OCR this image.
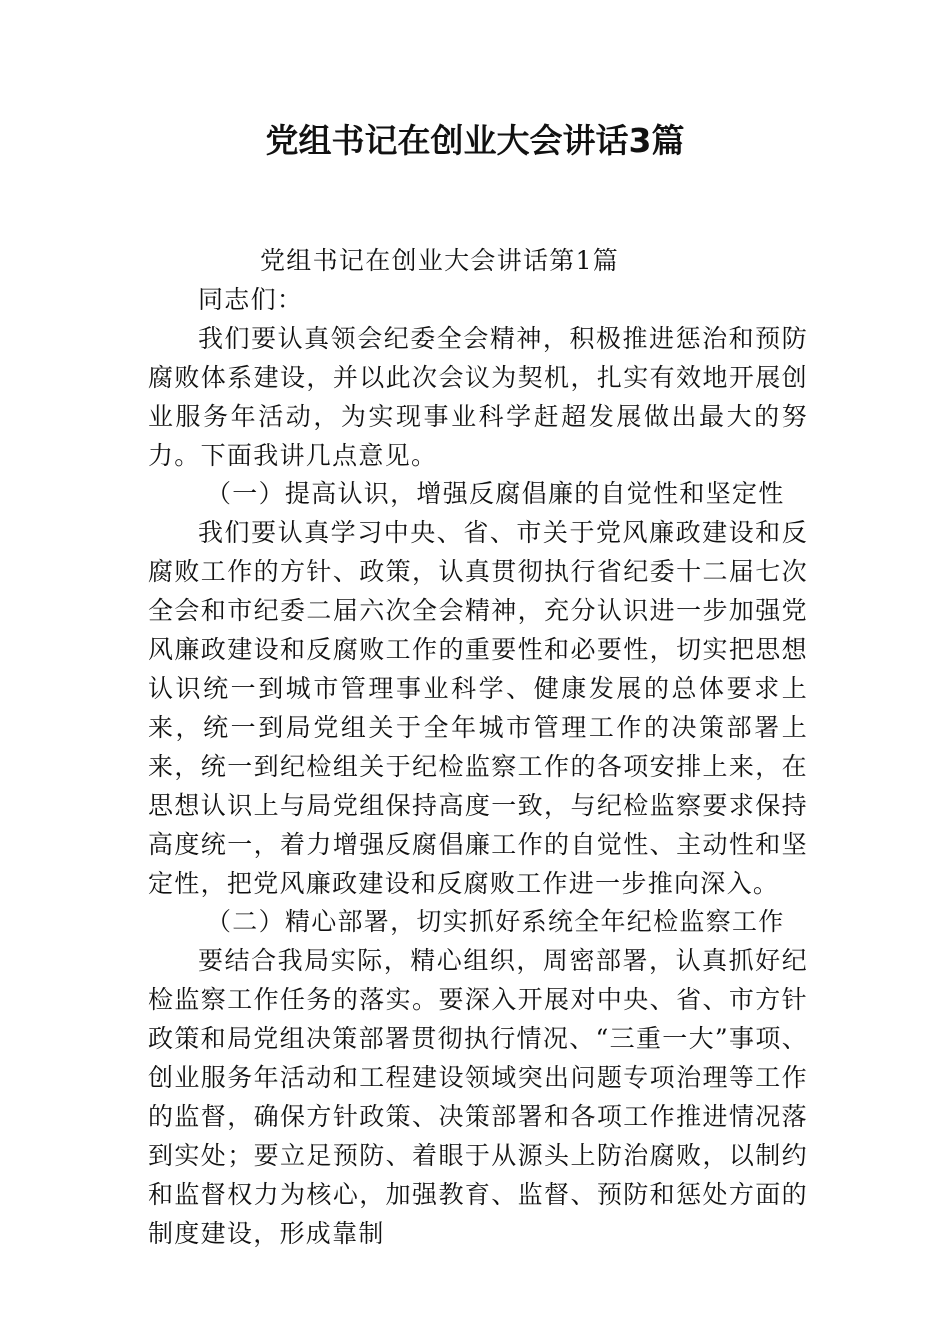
党组书记在创业大会讲话3篇

党组书记在创业大会讲话第1篇

同志们：

我们要认真领会纪委全会精神，积极推进惩治和预防腐败体系建设，并以此次会议为契机，扎实有效地开展创业服务年活动，为实现事业科学赶超发展做出最大的努力。下面我讲几点意见。

（一）提高认识，增强反腐倡廉的自觉性和坚定性

我们要认真学习中央、省、市关于党风廉政建设和反腐败工作的方针、政策，认真贯彻执行省纪委十二届七次全会和市纪委二届六次全会精神，充分认识进一步加强党风廉政建设和反腐败工作的重要性和必要性，切实把思想认识统一到城市管理事业科学、健康发展的总体要求上来，统一到局党组关于全年城市管理工作的决策部署上来，统一到纪检组关于纪检监察工作的各项安排上来，在思想认识上与局党组保持高度一致，与纪检监察要求保持高度统一，着力增强反腐倡廉工作的自觉性、主动性和坚定性，把党风廉政建设和反腐败工作进一步推向深入。

（二）精心部署，切实抓好系统全年纪检监察工作

要结合我局实际，精心组织，周密部署，认真抓好纪检监察工作任务的落实。要深入开展对中央、省、市方针政策和局党组决策部署贯彻执行情况、“三重一大”事项、创业服务年活动和工程建设领域突出问题专项治理等工作的监督，确保方针政策、决策部署和各项工作推进情况落到实处；要立足预防、着眼于从源头上防治腐败，以制约和监督权力为核心，加强教育、监督、预防和惩处方面的制度建设，形成靠制
